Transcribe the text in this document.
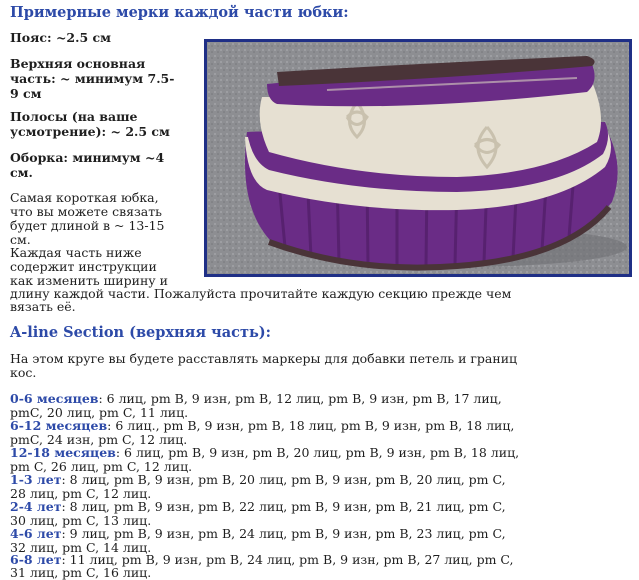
Примерные мерки каждой части юбки:
Пояс: ~2.5 см
Верхняя основная
часть: ~ минимум 7.5-
9 см
Полосы (на ваше
усмотрение): ~ 2.5 см
Оборка: минимум ~4
см.
Самая короткая юбка,
что вы можете связать
будет длиной в ~ 13-15
см.
Каждая часть ниже
содержит инструкции
как изменить ширину и
длину каждой части. Пожалуйста прочитайте каждую секцию прежде чем
вязать её.
A-line Section (верхняя часть):
На этом круге вы будете расставлять маркеры для добавки петель и границ
кос.
0-6 месяцев: 6 лиц, pm B, 9 изн, pm B, 12 лиц, pm B, 9 изн, pm B, 17 лиц,
pmC, 20 лиц, pm C, 11 лиц.
6-12 месяцев: 6 лиц., pm B, 9 изн, pm B, 18 лиц, pm B, 9 изн, pm B, 18 лиц,
pmC, 24 изн, pm C, 12 лиц.
12-18 месяцев: 6 лиц, pm B, 9 изн, pm B, 20 лиц, pm B, 9 изн, pm B, 18 лиц,
pm C, 26 лиц, pm C, 12 лиц.
1-3 лет: 8 лиц, pm B, 9 изн, pm B, 20 лиц, pm B, 9 изн, pm B, 20 лиц, pm C,
28 лиц, pm C, 12 лиц.
2-4 лет: 8 лиц, pm B, 9 изн, pm B, 22 лиц, pm B, 9 изн, pm B, 21 лиц, pm C,
30 лиц, pm C, 13 лиц.
4-6 лет: 9 лиц, pm B, 9 изн, pm B, 24 лиц, pm B, 9 изн, pm B, 23 лиц, pm C,
32 лиц, pm C, 14 лиц.
6-8 лет: 11 лиц, pm B, 9 изн, pm B, 24 лиц, pm B, 9 изн, pm B, 27 лиц, pm C,
31 лиц, pm C, 16 лиц.
